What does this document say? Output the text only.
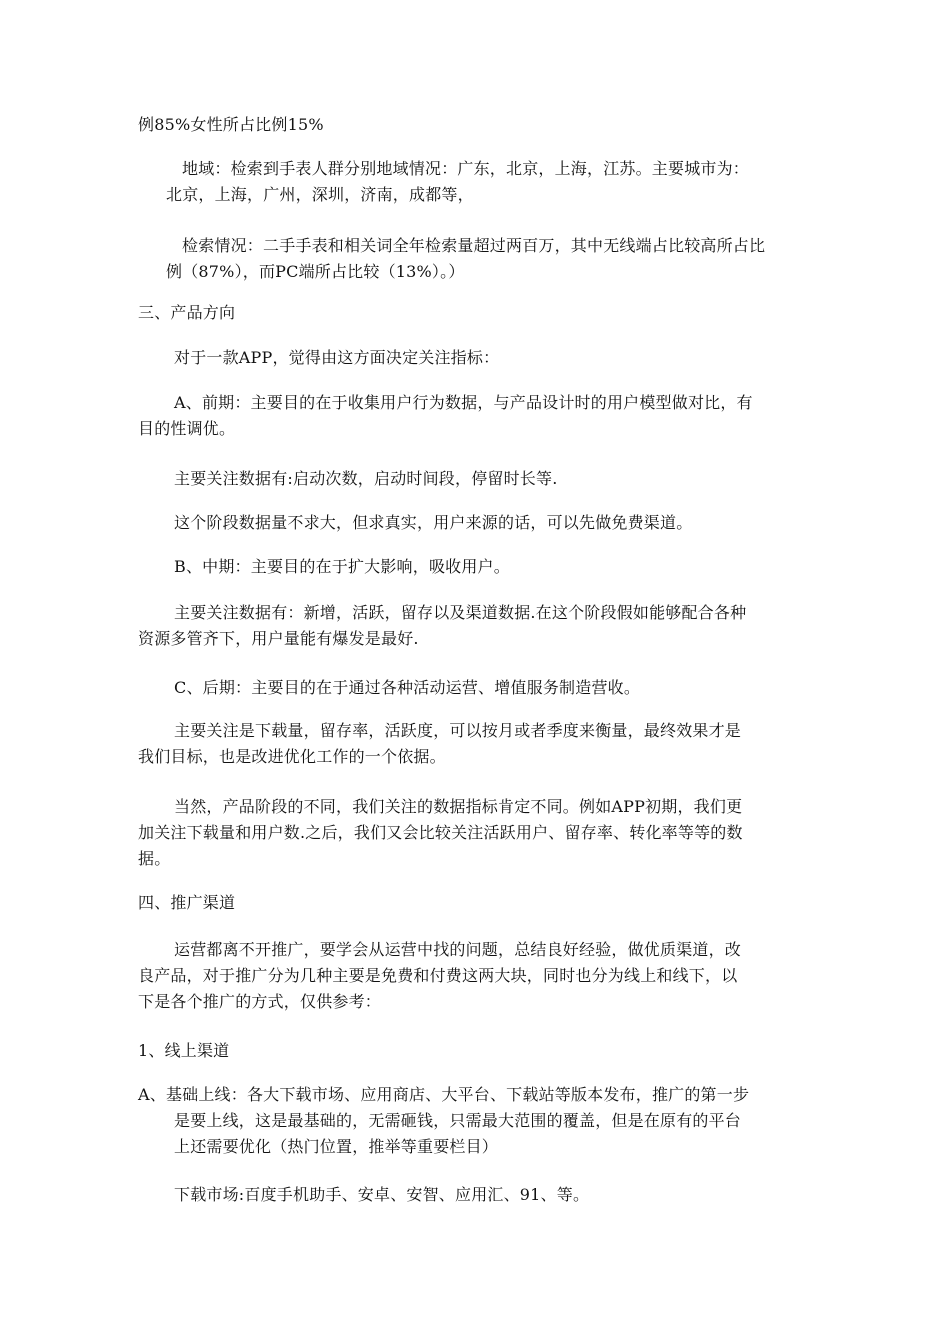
例85%女性所占比例15%
地域：检索到手表人群分别地域情况：广东，北京，上海，江苏。主要城市为：
北京，上海，广州，深圳，济南，成都等，
检索情况：二手手表和相关词全年检索量超过两百万，其中无线端占比较高所占比
例（87%），而PC端所占比较（13%）。）
三、产品方向
对于一款APP，觉得由这方面决定关注指标：
A、前期：主要目的在于收集用户行为数据，与产品设计时的用户模型做对比，有
目的性调优。
主要关注数据有:启动次数，启动时间段，停留时长等.
这个阶段数据量不求大，但求真实，用户来源的话，可以先做免费渠道。
B、中期：主要目的在于扩大影响，吸收用户。
主要关注数据有：新增，活跃，留存以及渠道数据.在这个阶段假如能够配合各种
资源多管齐下，用户量能有爆发是最好.
C、后期：主要目的在于通过各种活动运营、增值服务制造营收。
主要关注是下载量，留存率，活跃度，可以按月或者季度来衡量，最终效果才是
我们目标，也是改进优化工作的一个依据。
当然，产品阶段的不同，我们关注的数据指标肯定不同。例如APP初期，我们更
加关注下载量和用户数.之后，我们又会比较关注活跃用户、留存率、转化率等等的数
据。
四、推广渠道
运营都离不开推广，要学会从运营中找的问题，总结良好经验，做优质渠道，改
良产品，对于推广分为几种主要是免费和付费这两大块，同时也分为线上和线下，以
下是各个推广的方式，仅供参考：
1、线上渠道
A、基础上线：各大下载市场、应用商店、大平台、下载站等版本发布，推广的第一步
是要上线，这是最基础的，无需砸钱，只需最大范围的覆盖，但是在原有的平台
上还需要优化（热门位置，推举等重要栏目）
下载市场:百度手机助手、安卓、安智、应用汇、91、等。
